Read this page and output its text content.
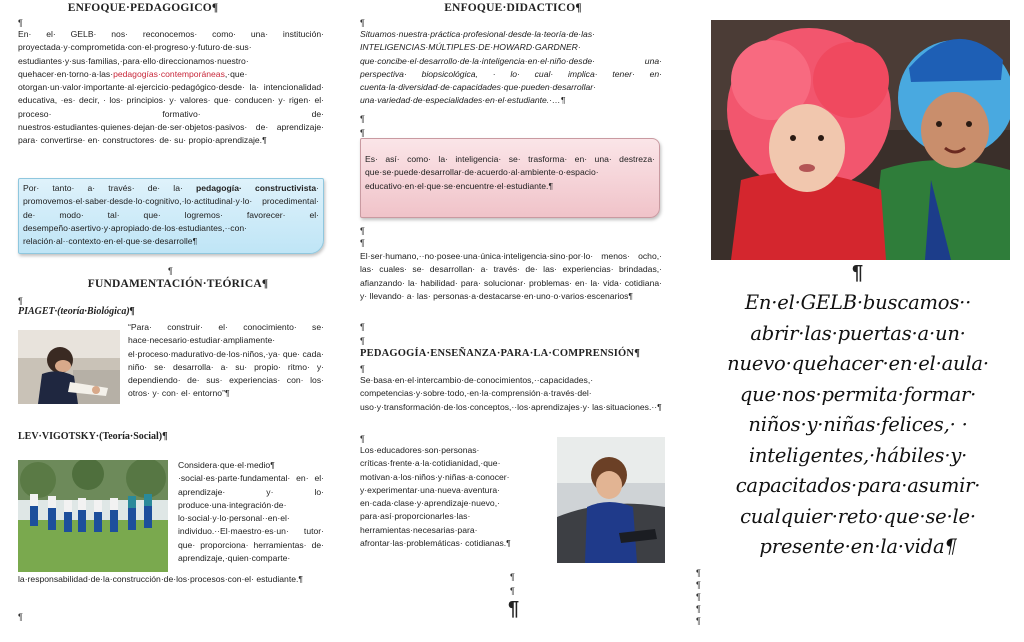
ENFOQUE·PEDAGOGICO¶
¶

En· el· GELB· nos· reconocemos· como· una· institución· proyectada·y·comprometida·con·el·progreso·y·futuro·de·sus· estudiantes·y·sus·familias,·para·ello·direccionamos·nuestro· quehacer·en·torno·a·las·pedagogías·contemporáneas,·que· otorgan·un·valor·importante·al·ejercicio·pedagógico·desde· la· intencionalidad· educativa, ·es· decir, · los· principios· y· valores· que· conducen· y· rigen· el· proceso· formativo· de· nuestros·estudiantes·quienes·dejan·de·ser·objetos·pasivos· de· aprendizaje· para· convertirse· en· constructores· de· su· propio·aprendizaje.¶

Por· tanto· a· través· de· la· pedagogía· constructivista· promovemos·el·saber·desde·lo·cognitivo,·lo·actitudinal·y·lo· procedimental· de· modo· tal· que· logremos· favorecer· el· desempeño·asertivo·y·apropiado·de·los·estudiantes,··con· relación·al··contexto·en·el·que·se·desarrolle¶

¶
FUNDAMENTACIÓN·TEÓRICA¶
¶
PIAGET·(teoría·Biológica)¶

“Para· construir· el· conocimiento· se· hace·necesario·estudiar·ampliamente· el·proceso·madurativo·de·los·niños,·ya· que· cada· niño· se· desarrolla· a· su· propio· ritmo· y· dependiendo· de· sus· experiencias· con· los· otros· y· con· el· entorno”¶

LEV·VIGOTSKY·(Teoría·Social)¶

Considera·que·el·medio¶ ·social·es·parte·fundamental· en· el· aprendizaje· y· lo· produce·una·integración·de· lo·social·y·lo·personal··en·el· individuo.··El·maestro·es·un· tutor· que· proporciona· herramientas· de· aprendizaje,·quien·comparte·

la·responsabilidad·de·la·construcción·de·los·procesos·con·el· estudiante.¶

¶
ENFOQUE·DIDACTICO¶
¶

Situamos·nuestra·práctica·profesional·desde·la·teoría·de·las· INTELIGENCIAS·MÚLTIPLES·DE·HOWARD·GARDNER· que·concibe·el·desarrollo·de·la·inteligencia·en·el·niño·desde· una· perspectiva· biopsicológica, · lo· cual· implica· tener· en· cuenta·la·diversidad·de·capacidades·que·pueden·desarrollar· una·variedad·de·especialidades·en·el·estudiante.·…¶

¶
¶

Es· así· como· la· inteligencia· se· trasforma· en· una· destreza· que·se·puede·desarrollar·de·acuerdo·al·ambiente·o·espacio· educativo·en·el·que·se·encuentre·el·estudiante.¶

¶
¶

El·ser·humano,··no·posee·una·única·inteligencia·sino·por·lo· menos· ocho,· las· cuales· se· desarrollan· a· través· de· las· experiencias· brindadas,· afianzando· la· habilidad· para· solucionar· problemas· en· la· vida· cotidiana· y· llevando· a· las· personas·a·destacarse·en·uno·o·varios·escenarios¶

¶
¶
PEDAGOGÍA·ENSEÑANZA·PARA·LA·COMPRENSIÓN¶
¶

Se·basa·en·el·intercambio·de·conocimientos,··capacidades,· competencias·y·sobre·todo,·en·la·comprensión·a·través·del· uso·y·transformación·de·los·conceptos,··los·aprendizajes·y· las·situaciones.··¶

¶

Los·educadores·son·personas· críticas·frente·a·la·cotidianidad,·que· motivan·a·los·niños·y·niñas·a·conocer· y·experimentar·una·nueva·aventura· en·cada·clase·y·aprendizaje·nuevo,· para·así·proporcionarles·las· herramientas·necesarias·para· afrontar·las·problemáticas· cotidianas.¶

¶
¶
¶
¶

En·el·GELB·buscamos·· abrir·las·puertas·a·un· nuevo·quehacer·en·el·aula· que·nos·permita·formar· niños·y·niñas·felices,· · inteligentes,·hábiles·y· capacitados·para·asumir· cualquier·reto·que·se·le· presente·en·la·vida¶

¶
¶
¶
¶
¶
